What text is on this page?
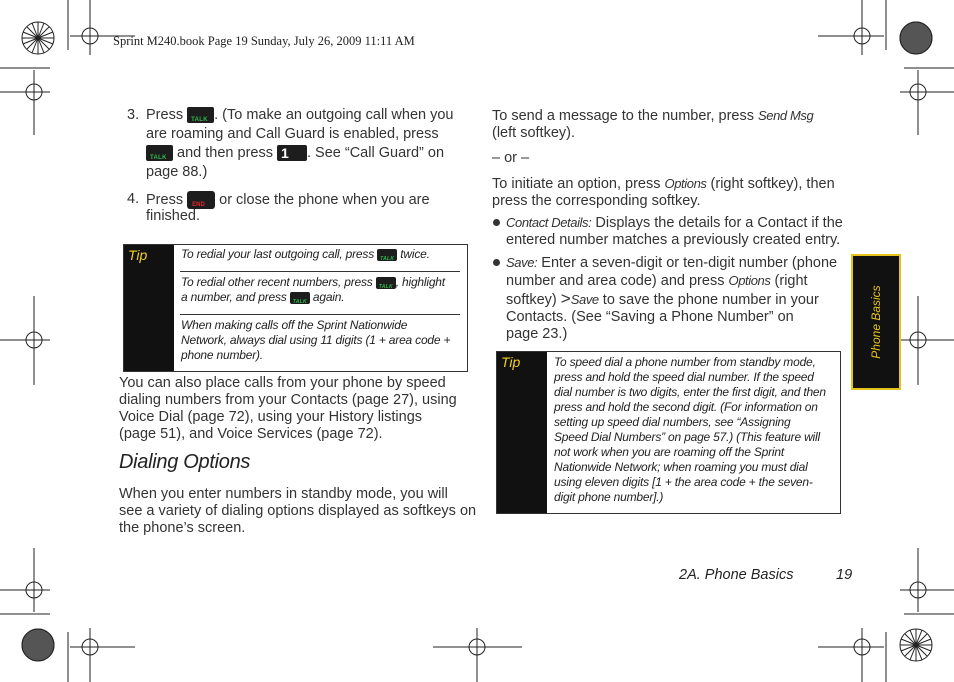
Sprint M240.book Page 19 Sunday, July 26, 2009 11:11 AM
3. Press TALK . (To make an outgoing call when you
are roaming and Call Guard is enabled, press
TALK and then press 1 . See “Call Guard” on
page 88.)
4. Press END or close the phone when you are
finished.
Tip	To redial your last outgoing call, press TALK twice.
To redial other recent numbers, press TALK , highlight
a number, and press TALK again.
When making calls off the Sprint Nationwide
Network, always dial using 11 digits (1 + area code +
phone number).
You can also place calls from your phone by speed
dialing numbers from your Contacts (page 27), using
Voice Dial (page 72), using your History listings
(page 51), and Voice Services (page 72).
Dialing Options
When you enter numbers in standby mode, you will
see a variety of dialing options displayed as softkeys on
the phone’s screen.
To send a message to the number, press Send Msg
(left softkey).
– or –
To initiate an option, press Options (right softkey), then
press the corresponding softkey.
Contact Details: Displays the details for a Contact if the
entered number matches a previously created entry.
Save: Enter a seven-digit or ten-digit number (phone
number and area code) and press Options (right
softkey) >Save to save the phone number in your
Contacts. (See “Saving a Phone Number” on
page 23.)
Tip	To speed dial a phone number from standby mode,
press and hold the speed dial number. If the speed
dial number is two digits, enter the first digit, and then
press and hold the second digit. (For information on
setting up speed dial numbers, see “Assigning
Speed Dial Numbers” on page 57.) (This feature will
not work when you are roaming off the Sprint
Nationwide Network; when roaming you must dial
using eleven digits [1 + the area code + the seven-
digit phone number].)
Phone Basics
2A. Phone Basics	19
